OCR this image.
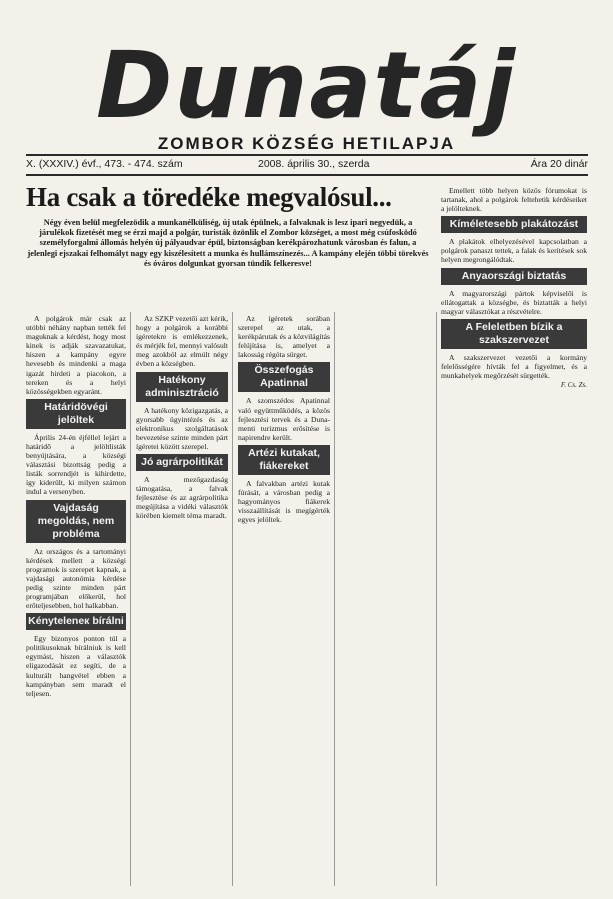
Dunatáj
ZOMBOR KÖZSÉG HETILAPJA
X. (XXXIV.) évf., 473. - 474. szám	2008. április 30., szerda	Ára 20 dinár
Ha csak a töredéke megvalósul...
Négy éven belül megfelezödik a munkanélküliség, új utak épülnek, a falvaknak is lesz ipari negyedük, a járulékok fizetését meg se érzi majd a polgár, turisták özönlik el Zombor községet, a most még csúfosködó személyforgalmi állomás helyén új pályaudvar épül, biztonságban kerékpározhatunk városban és falun, a jelenlegi ejszakai felhomályt nagy egy kiszélesített a munka és hullámszínezés... A kampány elején többi törekvés és óváros dolgunkat gyorsan tündik felkeresve!

A polgárok már csak az utóbbi néhány napban tették fel maguknak a kérdést, hogy most kinek is adják szavazatukat, hiszen a kampány egyre hevesebb és mindenki a maga igazát hirdeti a piacokon, a tereken és a helyi közösségekben egyaránt.

Határidövégi jelöltek

Április 24-én éjféllel lejárt a határidő a jelöltlisták benyújtására, a községi választási bizottság pedig a listák sorrendjét is kihirdette, így kiderült, ki milyen számon indul a versenyben.

Vajdaság megoldás, nem probléma

Az országos és a tartományi kérdések mellett a községi programok is szerepet kapnak, a vajdasági autonómia kérdése pedig szinte minden párt programjában előkerül, hol erőteljesebben, hol halkabban.

Kényteleneк bírálni

Egy bizonyos ponton túl a politikusoknak bírálniuk is kell egymást, hiszen a választók eligazodását ez segíti, de a kulturált hangvétel ebben a kampányban sem maradt el teljesen.

Az SZKP vezetői azt kérik, hogy a polgárok a korábbi ígéretekre is emlékezzenek, és mérjék fel, mennyi valósult meg azokból az elmúlt négy évben a községben.

Hatékony adminisztráció

A hatékony közigazgatás, a gyorsabb ügyintézés és az elektronikus szolgáltatások bevezetése szinte minden párt ígéretei között szerepel.

Jó agrárpolitikát

A mezőgazdaság támogatása, a falvak fejlesztése és az agrárpolitika megújítása a vidéki választók körében kiemelt téma maradt.

Az ígéretek sorában szerepel az utak, a kerékpárutak és a közvilágítás felújítása is, amelyet a lakosság régóta sürget.

Összefogás Apatinnal

A szomszédos Apatinnal való együttműködés, a közös fejlesztési tervek és a Duna-menti turizmus erősítése is napirendre került.

Artézi kutakat, fiákereket

A falvakban artézi kutak fúrását, a városban pedig a hagyományos fiákerek visszaállítását is megígérték egyes jelöltek.

Emellett több helyen közös fórumokat is tartanak, ahol a polgárok feltehetik kérdéseiket a jelölteknek.

Kíméletesebb plakátozást

A plakátok elhelyezésével kapcsolatban a polgárok panaszt tettek, a falak és kerítések sok helyen megrongálódtak.

Anyaországi biztatás

A magyarországi pártok képviselői is ellátogattak a községbe, és biztatták a helyi magyar választókat a részvételre.

A Feleletben bízik a szakszervezet

A szakszervezet vezetői a kormány felelősségére hívták fel a figyelmet, és a munkahelyek megőrzését sürgették.

F. Cs. Zs.
